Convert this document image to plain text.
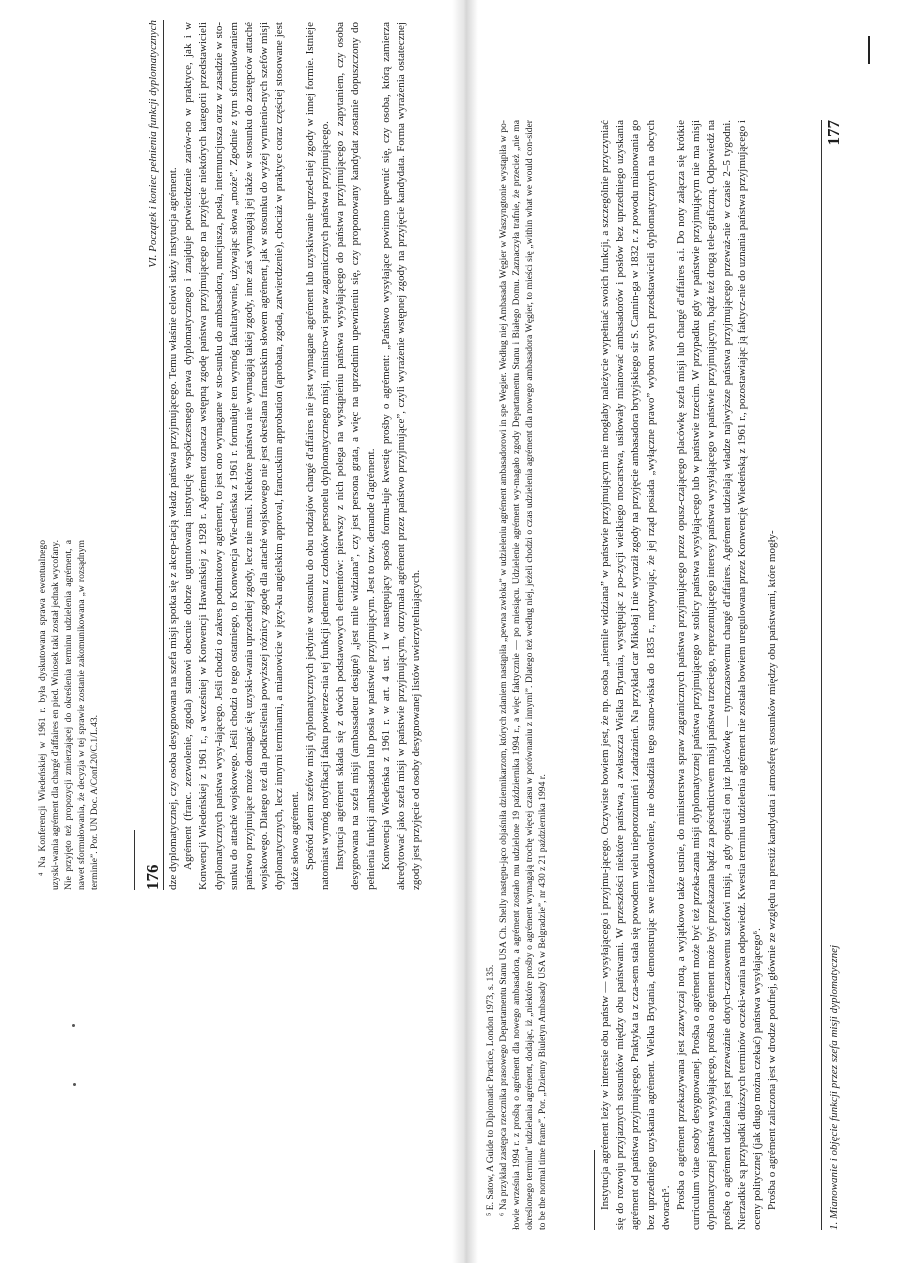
176
VI. Początek i koniec pełnienia funkcji dyplomatycznych

dze dyplomatycznej, czy osoba desygnowana na szefa misji spotka się z akcep-tacją władz państwa przyjmującego. Temu właśnie celowi służy instytucja agrément. Agrément (franc. zezwolenie, zgoda) stanowi obecnie dobrze ugruntowaną instytucję współczesnego prawa dyplomatycznego i znajduje potwierdzenie zarów-no w praktyce, jak i w Konwencji Wiedeńskiej z 1961 r., a wcześniej w Konwencji Hawańskiej z 1928 r. Agrément oznacza wstępną zgodę państwa przyjmującego na przyjęcie niektórych kategorii przedstawicieli dyplomatycznych państwa wysy-łającego. Jeśli chodzi o zakres podmiotowy agrément, to jest ono wymagane w sto-sunku do ambasadora, nuncjusza, posła, internuncjusza oraz w zasadzie w sto-sunku do attaché wojskowego. Jeśli chodzi o tego ostatniego, to Konwencja Wie-deńska z 1961 r. formułuje ten wymóg fakultatywnie, używając słowa „może”. Zgodnie z tym sformułowaniem państwo przyjmujące może domagać się uzyski-wania uprzedniej zgody, lecz nie musi. Niektóre państwa nie wymagają takiej zgody, inne zaś wymagają jej także w stosunku do zastępców attaché wojskowego. Dlatego też dla podkreślenia powyższej różnicy zgodę dla attaché wojskowego nie jest określana francuskim słowem agrément, jak w stosunku do wyżej wymienio-nych szefów misji dyplomatycznych, lecz innymi terminami, a mianowicie w języ-ku angielskim approval, francuskim approbation (aprobata, zgoda, zatwierdzenie), chociaż w praktyce coraz częściej stosowane jest także słowo agrément. Spośród zatem szefów misji dyplomatycznych jedynie w stosunku do obu rodzajów chargé d'affaires nie jest wymagane agrément lub uzyskiwanie uprzed-niej zgody w innej formie. Istnieje natomiast wymóg notyfikacji faktu powierze-nia tej funkcji jednemu z członków personelu dyplomatycznego misji, ministro-wi spraw zagranicznych państwa przyjmującego. Instytucja agrément składa się z dwóch podstawowych elementów: pierwszy z nich polega na wystąpieniu państwa wysyłającego do państwa przyjmującego z zapytaniem, czy osoba desygnowana na szefa misji (ambassadeur designé) „jest mile widziana”, czy jest persona grata, a więc na uprzednim upewnieniu się, czy proponowany kandydat zostanie dopuszczony do pełnienia funkcji ambasadora lub posła w państwie przyjmującym. Jest to tzw. demande d'agrément. Konwencja Wiedeńska z 1961 r. w art. 4 ust. 1 w następujący sposób formu-łuje kwestię prośby o agrément: „Państwo wysyłające powinno upewnić się, czy osoba, którą zamierza akredytować jako szefa misji w państwie przyjmującym, otrzymała agrément przez państwo przyjmujące”, czyli wyrażenie wstępnej zgody na przyjęcie kandydata. Forma wyrażenia ostatecznej zgody jest przyjęcie od osoby desygnowanej listów uwierzytelniających.

⁴ Na Konferencji Wiedeńskiej w 1961 r. była dyskutowana sprawa ewentualnego uzyski-wania agrément dla chargé d'affaires en pied. Wniosek taki został jednak wycofany. Nie przyjęto też propozycji zmierzającej do określenia terminu udzielenia agrément, a nawet sformułowania, że decyzja w tej sprawie zostanie zakomunikowana „w rozsądnym terminie”. Por. UN Doc. A/Conf.20/C.1/L.43.

1. Mianowanie i objęcie funkcji przez szefa misji dyplomatycznej
177

Instytucja agrément leży w interesie obu państw — wysyłającego i przyjmu-jącego. Oczywiste bowiem jest, że np. osoba „niemile widziana” w państwie przyjmującym nie mogłaby należycie wypełniać swoich funkcji, a szczególnie przyczyniać się do rozwoju przyjaznych stosunków między obu państwami. W przeszłości niektóre państwa, a zwłaszcza Wielka Brytania, występując z po-zycji wielkiego mocarstwa, usiłowały mianować ambasadorów i posłów bez uprzedniego uzyskania agrément od państwa przyjmującego. Praktyka ta z cza-sem stała się powodem wielu nieporozumień i zadrażnień. Na przykład car Mikołaj I nie wyraził zgody na przyjęcie ambasadora brytyjskiego sir S. Cannin-ga w 1832 r. z powodu mianowania go bez uprzedniego uzyskania agrément. Wielka Brytania, demonstrując swe niezadowolenie, nie obsadziła tego stano-wiska do 1835 r., motywując, że jej rząd posiada „wyłączne prawo” wyboru swych przedstawicieli dyplomatycznych na obcych dworach⁵. Prośba o agrément przekazywana jest zazwyczaj notą, a wyjątkowo także ustnie, do ministerstwa spraw zagranicznych państwa przyjmującego przez opusz-czającego placówkę szefa misji lub chargé d'affaires a.i. Do noty załącza się krótkie curriculum vitae osoby desygnowanej. Prośba o agrément może być też przeka-zana misji dyplomatycznej państwa przyjmującego w stolicy państwa wysyłają-cego lub w państwie trzecim. W przypadku gdy w państwie przyjmującym nie ma misji dyplomatycznej państwa wysyłającego, prośba o agrément może być przekazana bądź za pośrednictwem misji państwa trzeciego, reprezentującego interesy państwa wysyłającego w państwie przyjmującym, bądź też drogą tele-graficzną. Odpowiedź na prośbę o agrément udzielana jest przeważnie dotych-czasowemu szefowi misji, a gdy opuścił on już placówkę — tymczasowemu chargé d'affaires. Agrément udzielają władze najwyższe państwa przyjmującego przeważ-nie w czasie 2–5 tygodni. Nierzadkie są przypadki dłuższych terminów oczeki-wania na odpowiedź. Kwestia terminu udzielenia agrément nie została bowiem uregulowana przez Konwencję Wiedeńską z 1961 r., pozostawiając ją faktycz-nie do uznania państwa przyjmującego i oceny politycznej (jak długo można czekać) państwa wysyłającego⁶. Prośba o agrément zaliczona jest w drodze poufnej, głównie ze względu na prestiż kandydata i atmosferę stosunków między obu państwami, które mogły-

⁵ E. Satow, A Guide to Diplomatic Practice, London 1973, s. 135. ⁶ Na przykład zastępca rzecznika prasowego Departamentu Stanu USA Ch. Shelly następu-jąco objaśniła dziennikarzom, których zdaniem nastąpiła „pewna zwłoka” w udzieleniu agrément ambasadorowi in spe Wegier. Według niej Ambasada Węgier w Waszyngtonie wystąpiła w po-łowie września 1994 r. z prośbą o agrément dla nowego ambasadora, a agrément zostało mu udzielone 19 października 1994 r., a więc faktycznie — po miesiącu. Udzielenie agrément wy-magało zgody Departamentu Stanu i Białego Domu. Zaznaczyła trafnie, że przecież „nie ma określonego terminu” udzielania agrément, dodając, iż „niektóre prośby o agrément wymagają trochę więcej czasu w porównaniu z innymi”. Dlatego też według niej, jeżeli chodzi o czas udzielenia agrément dla nowego ambasadora Węgier, to mieści się „within what we would con-sider to be the normal time frame”. Por. „Dzienny Biuletyn Ambasady USA w Belgradzie”, nr 430 z 21 października 1994 r.
